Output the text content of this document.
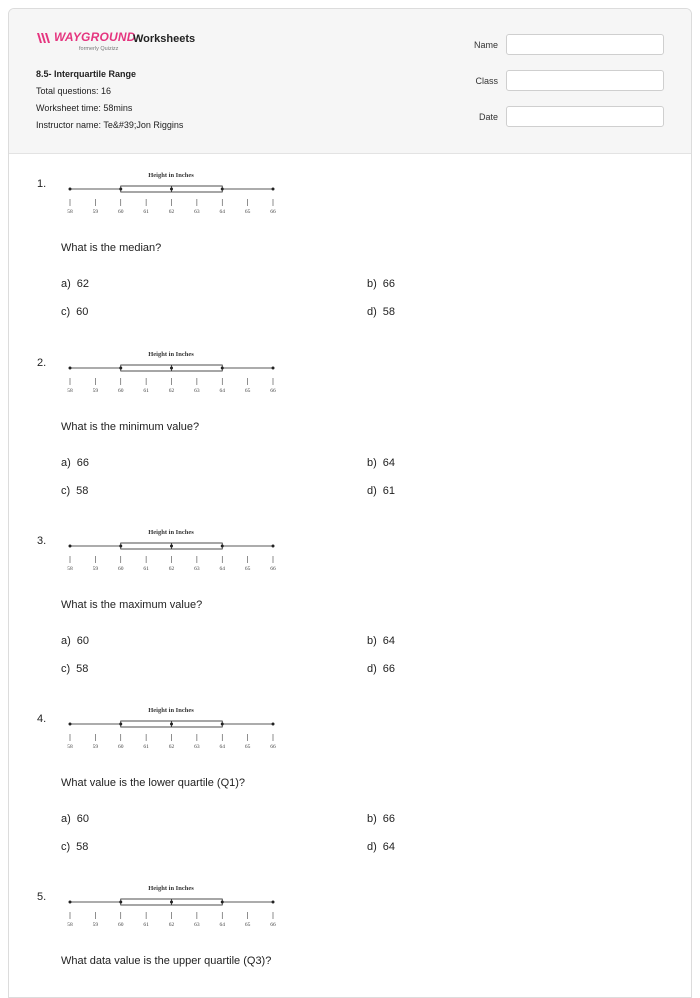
WAYGROUND
formerly Quizizz
Worksheets
8.5- Interquartile Range
Total questions: 16
Worksheet time: 58mins
Instructor name: Te&#39;Jon Riggins
Name
Class
Date
1.
Height in Inches
58	59	60	61	62	63	64	65	66
What is the median?
a) 62	b) 66
c) 60	d) 58
2.
Height in Inches
58	59	60	61	62	63	64	65	66
What is the minimum value?
a) 66	b) 64
c) 58	d) 61
3.
Height in Inches
58	59	60	61	62	63	64	65	66
What is the maximum value?
a) 60	b) 64
c) 58	d) 66
4.
Height in Inches
58	59	60	61	62	63	64	65	66
What value is the lower quartile (Q1)?
a) 60	b) 66
c) 58	d) 64
5.
Height in Inches
58	59	60	61	62	63	64	65	66
What data value is the upper quartile (Q3)?
